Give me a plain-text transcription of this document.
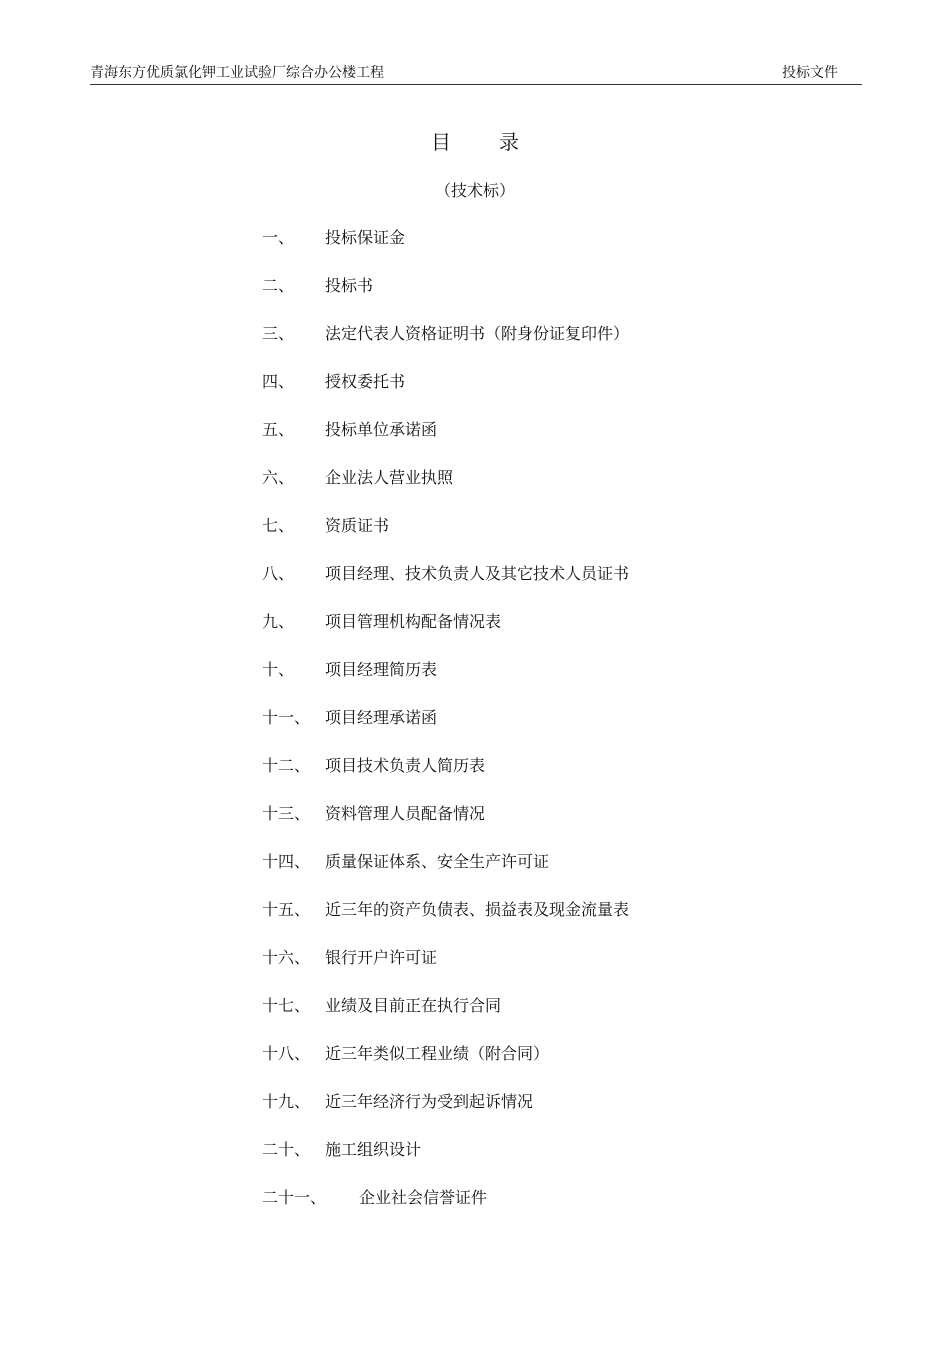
青海东方优质氯化钾工业试验厂综合办公楼工程	投标文件
目录
（技术标）
一、	投标保证金
二、	投标书
三、	法定代表人资格证明书（附身份证复印件）
四、	授权委托书
五、	投标单位承诺函
六、	企业法人营业执照
七、	资质证书
八、	项目经理、技术负责人及其它技术人员证书
九、	项目管理机构配备情况表
十、	项目经理简历表
十一、 项目经理承诺函
十二、 项目技术负责人简历表
十三、 资料管理人员配备情况
十四、 质量保证体系、安全生产许可证
十五、 近三年的资产负债表、损益表及现金流量表
十六、 银行开户许可证
十七、 业绩及目前正在执行合同
十八、 近三年类似工程业绩（附合同）
十九、 近三年经济行为受到起诉情况
二十、 施工组织设计
二十一、	企业社会信誉证件
